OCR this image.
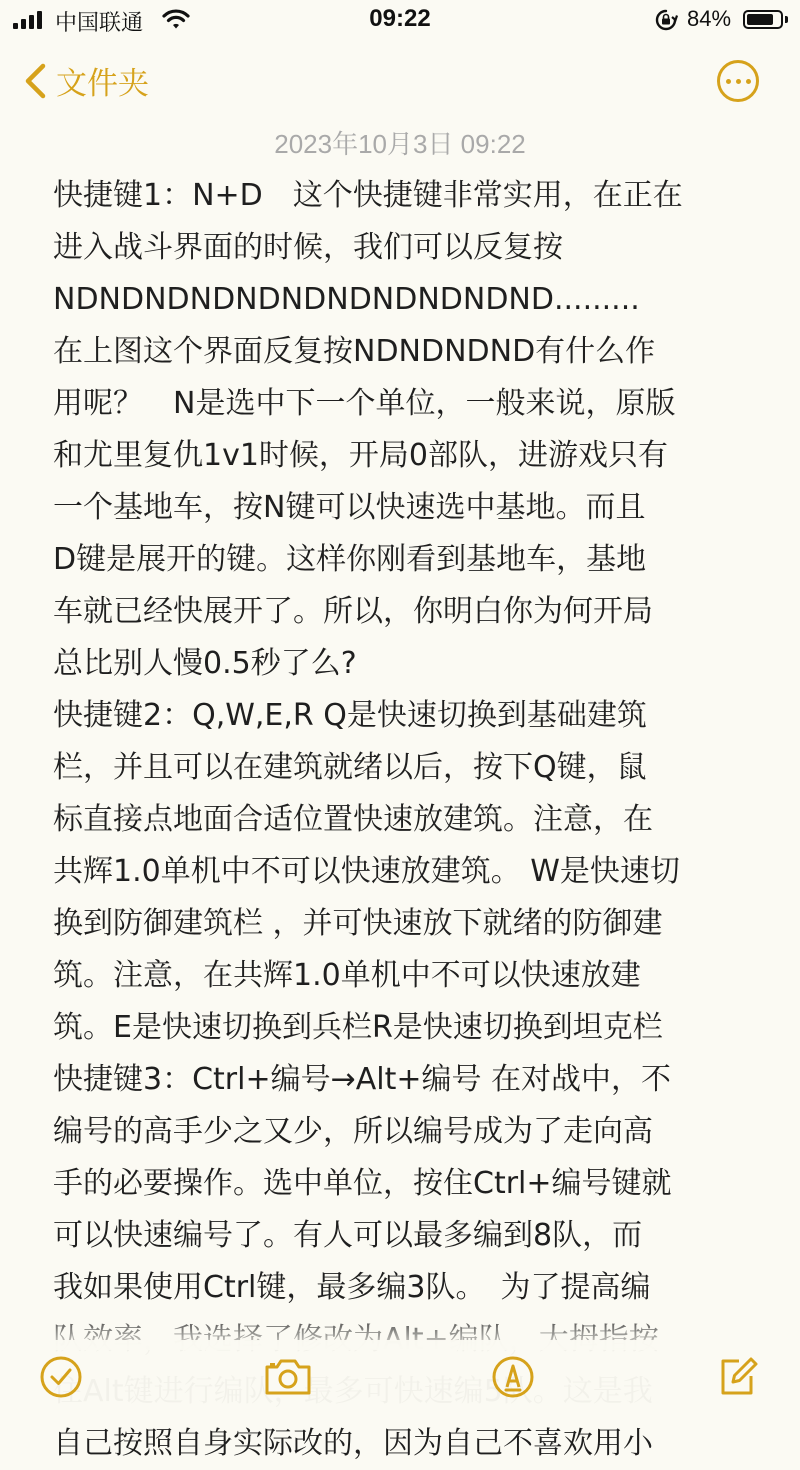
中国联通	09:22	84%
文件夹
2023年10月3日 09:22
快捷键1：N+D　这个快捷键非常实用，在正在
进入战斗界面的时候，我们可以反复按
NDNDNDNDNDNDNDNDNDNDND.........
在上图这个界面反复按NDNDNDND有什么作
用呢？　N是选中下一个单位，一般来说，原版
和尤里复仇1v1时候，开局0部队，进游戏只有
一个基地车，按N键可以快速选中基地。而且
D键是展开的键。这样你刚看到基地车，基地
车就已经快展开了。所以，你明白你为何开局
总比别人慢0.5秒了么?
快捷键2：Q,W,E,R Q是快速切换到基础建筑
栏，并且可以在建筑就绪以后，按下Q键，鼠
标直接点地面合适位置快速放建筑。注意，在
共辉1.0单机中不可以快速放建筑。 W是快速切
换到防御建筑栏 ，并可快速放下就绪的防御建
筑。注意，在共辉1.0单机中不可以快速放建
筑。E是快速切换到兵栏R是快速切换到坦克栏
快捷键3：Ctrl+编号→Alt+编号 在对战中，不
编号的高手少之又少，所以编号成为了走向高
手的必要操作。选中单位，按住Ctrl+编号键就
可以快速编号了。有人可以最多编到8队，而
我如果使用Ctrl键，最多编3队。　为了提高编
自己按照自身实际改的，因为自己不喜欢用小
